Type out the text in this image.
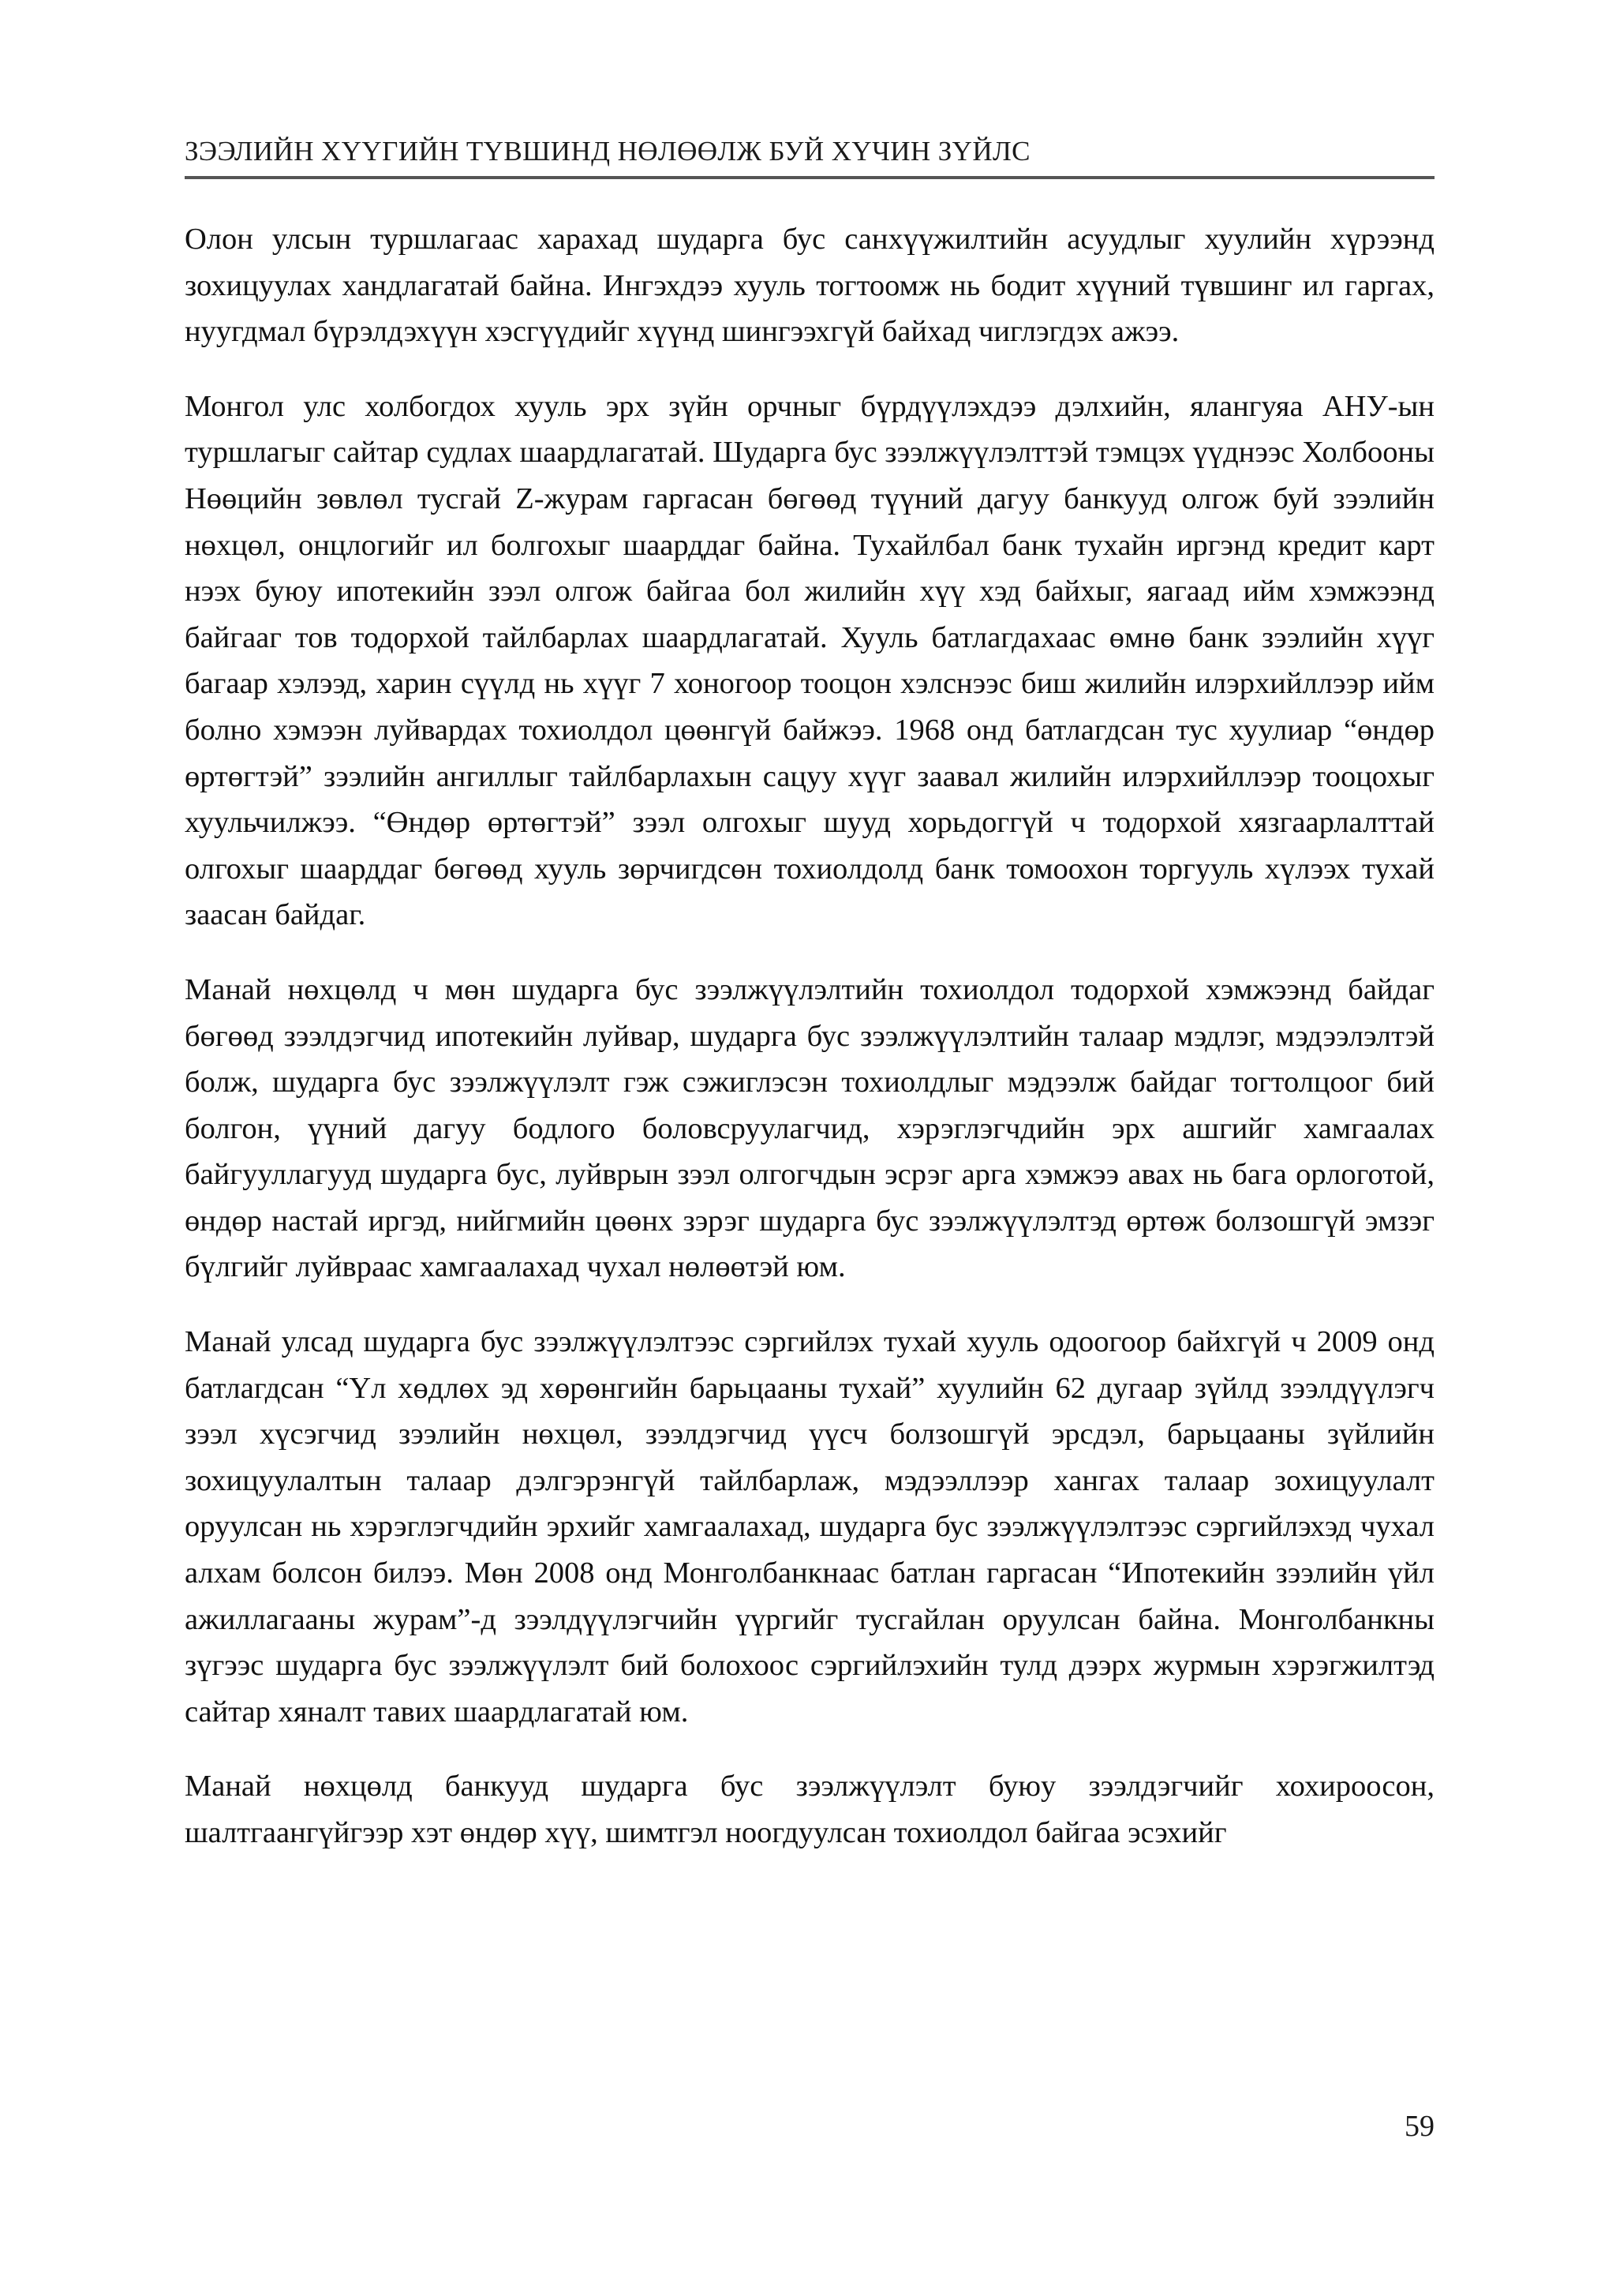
ЗЭЭЛИЙН ХҮҮГИЙН ТҮВШИНД НӨЛӨӨЛЖ БУЙ ХҮЧИН ЗҮЙЛС

Олон улсын туршлагаас харахад шударга бус санхүүжилтийн асуудлыг хуулийн хүрээнд зохицуулах хандлагатай байна. Ингэхдээ хууль тогтоомж нь бодит хүүний түвшинг ил гаргах, нуугдмал бүрэлдэхүүн хэсгүүдийг хүүнд шингээхгүй байхад чиглэгдэх ажээ.

Монгол улс холбогдох хууль эрх зүйн орчныг бүрдүүлэхдээ дэлхийн, ялангуяа АНУ-ын туршлагыг сайтар судлах шаардлагатай. Шударга бус зээлжүүлэлттэй тэмцэх үүднээс Холбооны Нөөцийн зөвлөл тусгай Z-журам гаргасан бөгөөд түүний дагуу банкууд олгож буй зээлийн нөхцөл, онцлогийг ил болгохыг шаарддаг байна. Тухайлбал банк тухайн иргэнд кредит карт нээх буюу ипотекийн зээл олгож байгаа бол жилийн хүү хэд байхыг, яагаад ийм хэмжээнд байгааг тов тодорхой тайлбарлах шаардлагатай. Хууль батлагдахаас өмнө банк зээлийн хүүг багаар хэлээд, харин сүүлд нь хүүг 7 хоногоор тооцон хэлснээс биш жилийн илэрхийллээр ийм болно хэмээн луйвардах тохиолдол цөөнгүй байжээ. 1968 онд батлагдсан тус хуулиар “өндөр өртөгтэй” зээлийн ангиллыг тайлбарлахын сацуу хүүг заавал жилийн илэрхийллээр тооцохыг хуульчилжээ. “Өндөр өртөгтэй” зээл олгохыг шууд хорьдоггүй ч тодорхой хязгаарлалттай олгохыг шаарддаг бөгөөд хууль зөрчигдсөн тохиолдолд банк томоохон торгууль хүлээх тухай заасан байдаг.

Манай нөхцөлд ч мөн шударга бус зээлжүүлэлтийн тохиолдол тодорхой хэмжээнд байдаг бөгөөд зээлдэгчид ипотекийн луйвар, шударга бус зээлжүүлэлтийн талаар мэдлэг, мэдээлэлтэй болж, шударга бус зээлжүүлэлт гэж сэжиглэсэн тохиолдлыг мэдээлж байдаг тогтолцоог бий болгон, үүний дагуу бодлого боловсруулагчид, хэрэглэгчдийн эрх ашгийг хамгаалах байгууллагууд шударга бус, луйврын зээл олгогчдын эсрэг арга хэмжээ авах нь бага орлоготой, өндөр настай иргэд, нийгмийн цөөнх зэрэг шударга бус зээлжүүлэлтэд өртөж болзошгүй эмзэг бүлгийг луйвраас хамгаалахад чухал нөлөөтэй юм.

Манай улсад шударга бус зээлжүүлэлтээс сэргийлэх тухай хууль одоогоор байхгүй ч 2009 онд батлагдсан “Үл хөдлөх эд хөрөнгийн барьцааны тухай” хуулийн 62 дугаар зүйлд зээлдүүлэгч зээл хүсэгчид зээлийн нөхцөл, зээлдэгчид үүсч болзошгүй эрсдэл, барьцааны зүйлийн зохицуулалтын талаар дэлгэрэнгүй тайлбарлаж, мэдээллээр хангах талаар зохицуулалт оруулсан нь хэрэглэгчдийн эрхийг хамгаалахад, шударга бус зээлжүүлэлтээс сэргийлэхэд чухал алхам болсон билээ. Мөн 2008 онд Монголбанкнаас батлан гаргасан “Ипотекийн зээлийн үйл ажиллагааны журам”-д зээлдүүлэгчийн үүргийг тусгайлан оруулсан байна. Монголбанкны зүгээс шударга бус зээлжүүлэлт бий болохоос сэргийлэхийн тулд дээрх журмын хэрэгжилтэд сайтар хяналт тавих шаардлагатай юм.

Манай нөхцөлд банкууд шударга бус зээлжүүлэлт буюу зээлдэгчийг хохироосон, шалтгаангүйгээр хэт өндөр хүү, шимтгэл ноогдуулсан тохиолдол байгаа эсэхийг

59
